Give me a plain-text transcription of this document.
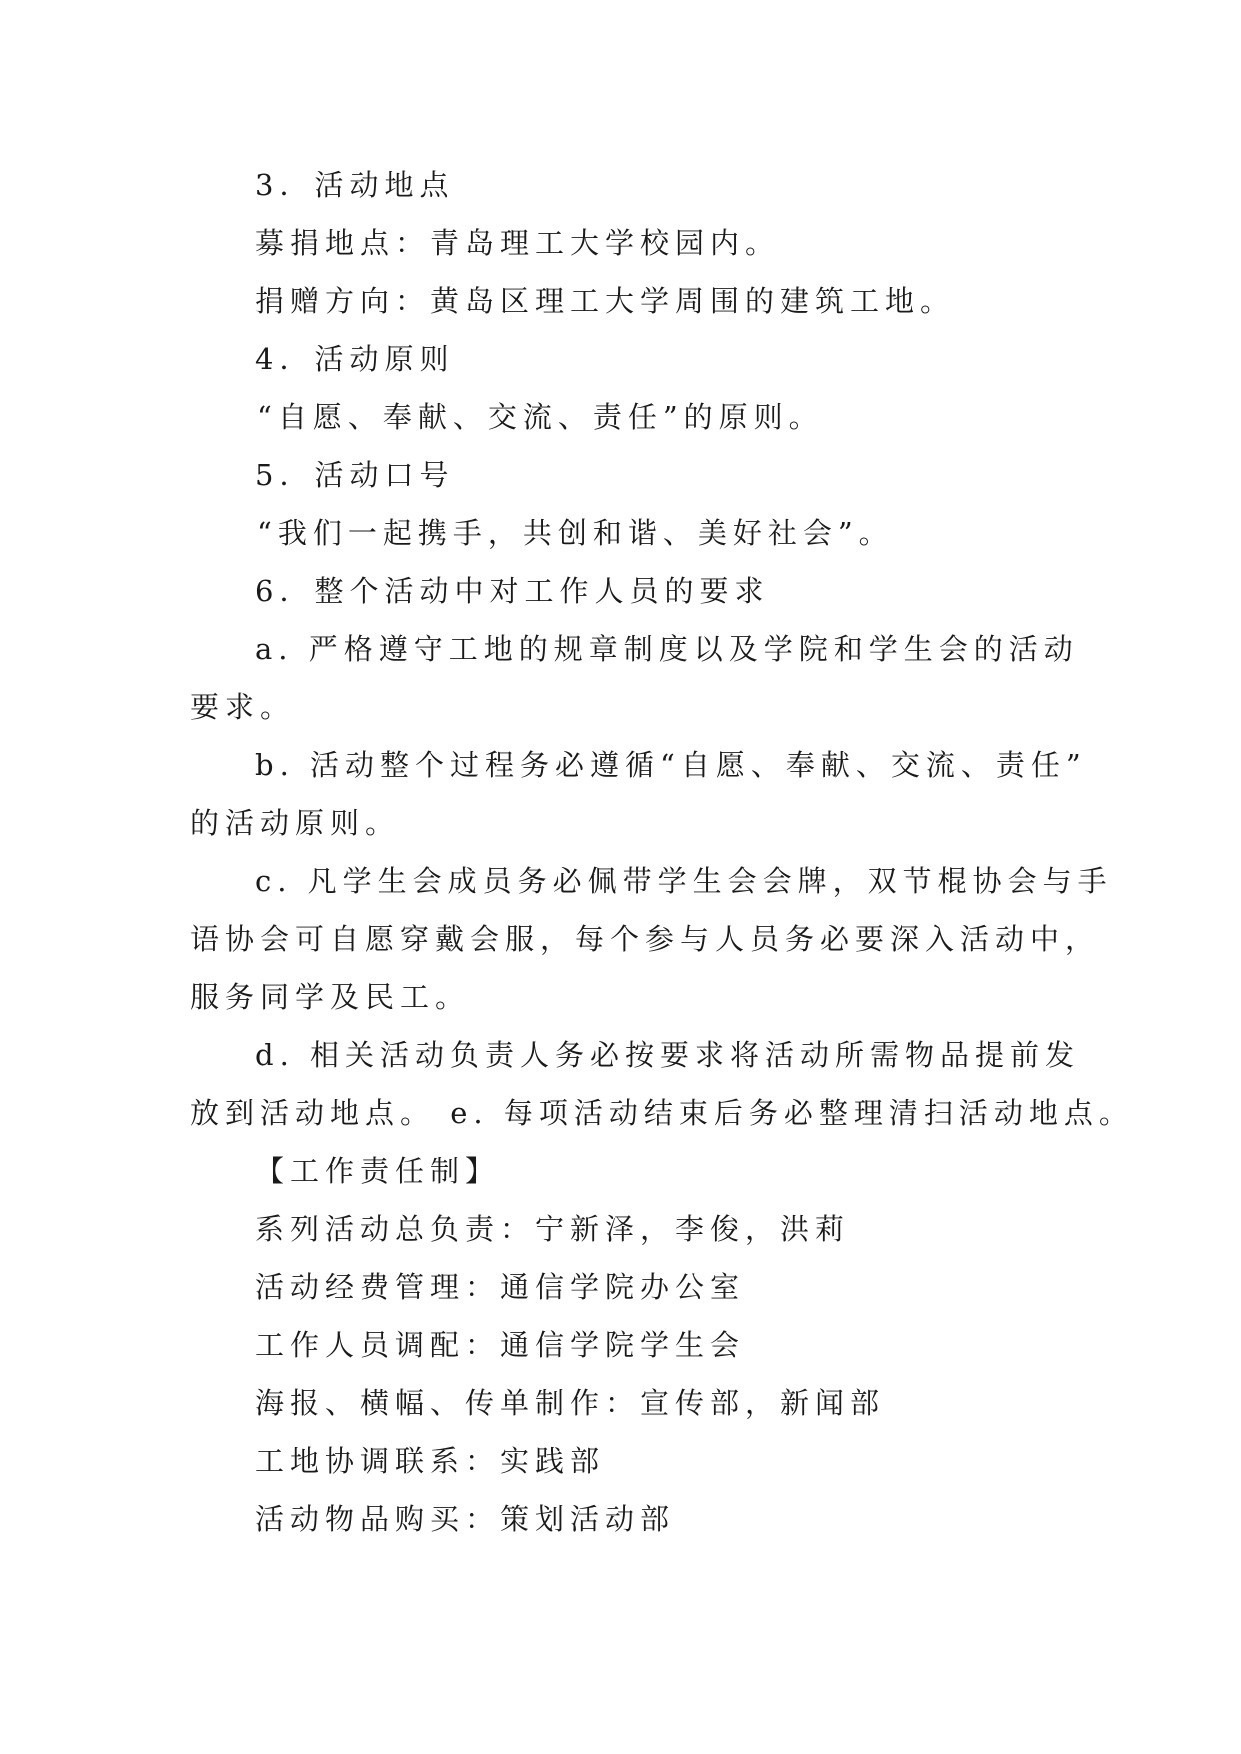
3．活动地点
募捐地点：青岛理工大学校园内。
捐赠方向：黄岛区理工大学周围的建筑工地。
4．活动原则
“自愿、奉献、交流、责任”的原则。
5．活动口号
“我们一起携手，共创和谐、美好社会”。
6．整个活动中对工作人员的要求
a. 严格遵守工地的规章制度以及学院和学生会的活动
要求。
b. 活动整个过程务必遵循“自愿、奉献、交流、责任”
的活动原则。
c. 凡学生会成员务必佩带学生会会牌，双节棍协会与手
语协会可自愿穿戴会服，每个参与人员务必要深入活动中，
服务同学及民工。
d. 相关活动负责人务必按要求将活动所需物品提前发
放到活动地点。 e. 每项活动结束后务必整理清扫活动地点。
【工作责任制】
系列活动总负责：宁新泽，李俊，洪莉
活动经费管理：通信学院办公室
工作人员调配：通信学院学生会
海报、横幅、传单制作：宣传部，新闻部
工地协调联系：实践部
活动物品购买：策划活动部
